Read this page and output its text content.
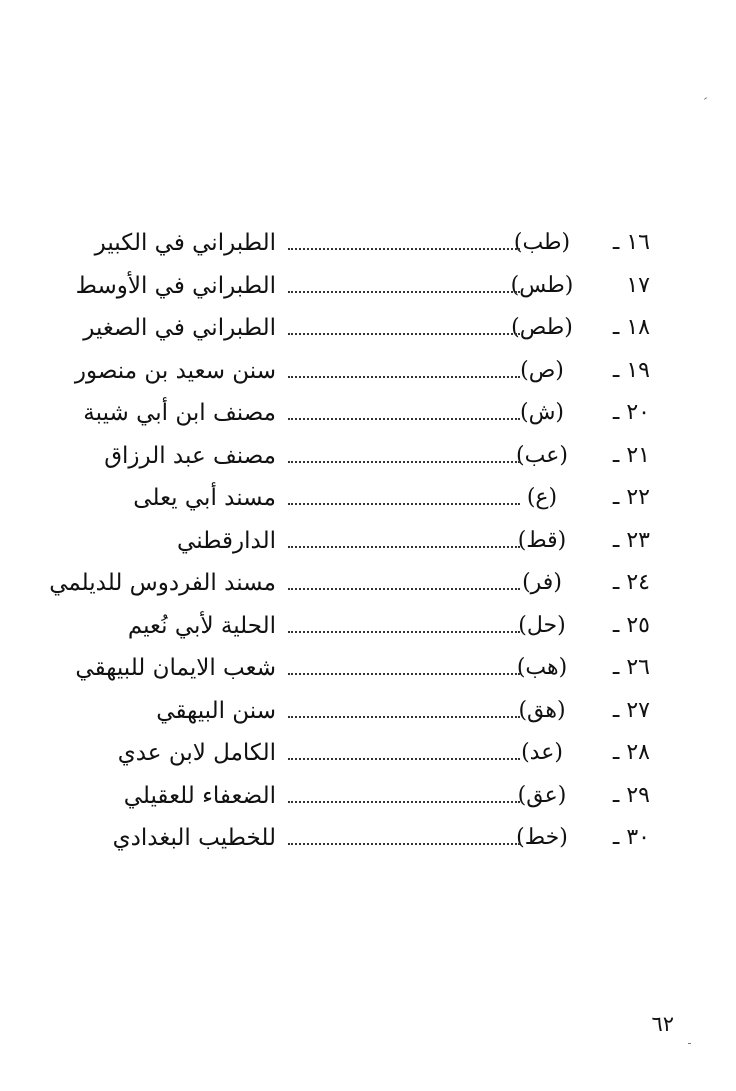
١٦ ـ
(طب)
الطبراني في الكبير
١٧
(طس)
الطبراني في الأوسط
١٨ ـ
(طص)
الطبراني في الصغير
١٩ ـ
(ص)
سنن سعيد بن منصور
٢٠ ـ
(ش)
مصنف ابن أبي شيبة
٢١ ـ
(عب)
مصنف عبد الرزاق
٢٢ ـ
(ع)
مسند أبي يعلى
٢٣ ـ
(قط)
الدارقطني
٢٤ ـ
(فر)
مسند الفردوس للديلمي
٢٥ ـ
(حل)
الحلية لأبي نُعيم
٢٦ ـ
(هب)
شعب الايمان للبيهقي
٢٧ ـ
(هق)
سنن البيهقي
٢٨ ـ
(عد)
الكامل لابن عدي
٢٩ ـ
(عق)
الضعفاء للعقيلي
٣٠ ـ
(خط)
للخطيب البغدادي
٦٢
